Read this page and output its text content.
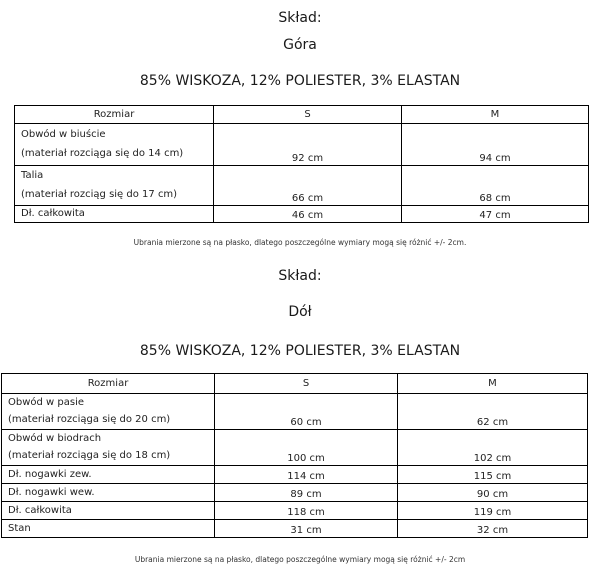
Skład:
Góra
85% WISKOZA, 12% POLIESTER, 3% ELASTAN
Rozmiar	S	M

Obwód w biuście
(materiał rozciąga się do 14 cm)	92 cm	94 cm

Talia
(materiał rozciąg się do 17 cm)	66 cm	68 cm
Dł. całkowita	46 cm	47 cm
Ubrania mierzone są na płasko, dlatego poszczególne wymiary mogą się różnić +/- 2cm.
Skład:
Dół
85% WISKOZA, 12% POLIESTER, 3% ELASTAN
Rozmiar	S	M

Obwód w pasie
(materiał rozciąga się do 20 cm)	60 cm	62 cm

Obwód w biodrach
(materiał rozciąga się do 18 cm)	100 cm	102 cm
Dł. nogawki zew.	114 cm	115 cm
Dł. nogawki wew.	89 cm	90 cm
Dł. całkowita	118 cm	119 cm
Stan	31 cm	32 cm
Ubrania mierzone są na płasko, dlatego poszczególne wymiary mogą się różnić +/- 2cm
